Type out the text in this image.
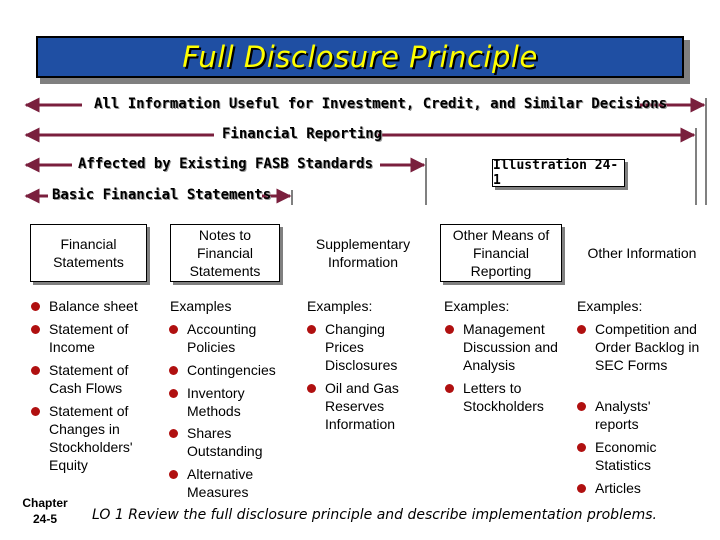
Full Disclosure Principle
All Information Useful for Investment, Credit, and Similar Decisions
Financial Reporting
Affected by Existing FASB Standards
Basic Financial Statements
Illustration 24-1
Financial Statements
Notes to Financial Statements
Supplementary Information
Other Means of Financial Reporting
Other Information
Balance sheet
Statement of Income
Statement of Cash Flows
Statement of Changes in Stockholders' Equity
Examples
Accounting Policies
Contingencies
Inventory Methods
Shares Outstanding
Alternative Measures
Examples:
Changing Prices Disclosures
Oil and Gas Reserves Information
Examples:
Management Discussion and Analysis
Letters to Stockholders
Examples:
Competition and Order Backlog in SEC Forms
Analysts' reports
Economic Statistics
Articles
Chapter
24-5	LO 1 Review the full disclosure principle and describe implementation problems.
